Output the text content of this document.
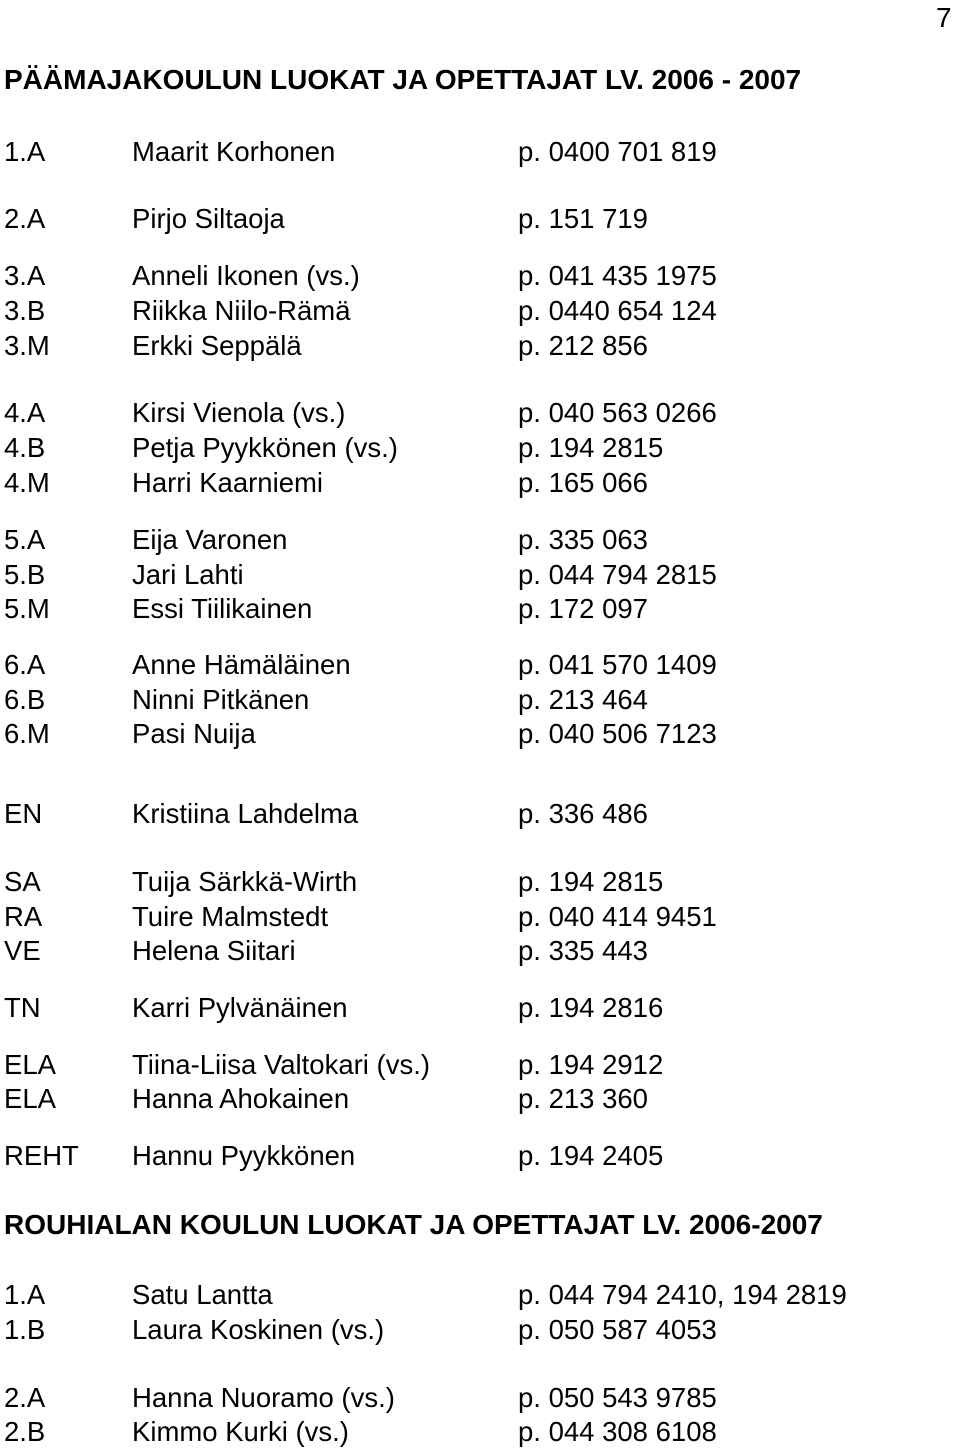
7
PÄÄMAJAKOULUN LUOKAT JA OPETTAJAT LV. 2006 - 2007
1.A	Maarit Korhonen	p. 0400 701 819
2.A	Pirjo Siltaoja	p. 151 719
3.A	Anneli Ikonen (vs.)	p. 041 435 1975
3.B	Riikka Niilo-Rämä	p. 0440 654 124
3.M	Erkki Seppälä	p. 212 856
4.A	Kirsi Vienola (vs.)	p. 040 563 0266
4.B	Petja Pyykkönen (vs.)	p. 194 2815
4.M	Harri Kaarniemi	p. 165 066
5.A	Eija Varonen	p. 335 063
5.B	Jari Lahti	p. 044 794 2815
5.M	Essi Tiilikainen	p. 172 097
6.A	Anne Hämäläinen	p. 041 570 1409
6.B	Ninni Pitkänen	p. 213 464
6.M	Pasi Nuija	p. 040 506 7123
EN	Kristiina Lahdelma	p. 336 486
SA	Tuija Särkkä-Wirth	p. 194 2815
RA	Tuire Malmstedt	p. 040 414 9451
VE	Helena Siitari	p. 335 443
TN	Karri Pylvänäinen	p. 194 2816
ELA	Tiina-Liisa Valtokari (vs.)	p. 194 2912
ELA	Hanna Ahokainen	p. 213 360
REHT Hannu Pyykkönen	p. 194 2405
ROUHIALAN KOULUN LUOKAT JA OPETTAJAT LV. 2006-2007
1.A	Satu Lantta	p. 044 794 2410, 194 2819
1.B	Laura Koskinen (vs.)	p. 050 587 4053
2.A	Hanna Nuoramo (vs.)	p. 050 543 9785
2.B	Kimmo Kurki (vs.)	p. 044 308 6108
